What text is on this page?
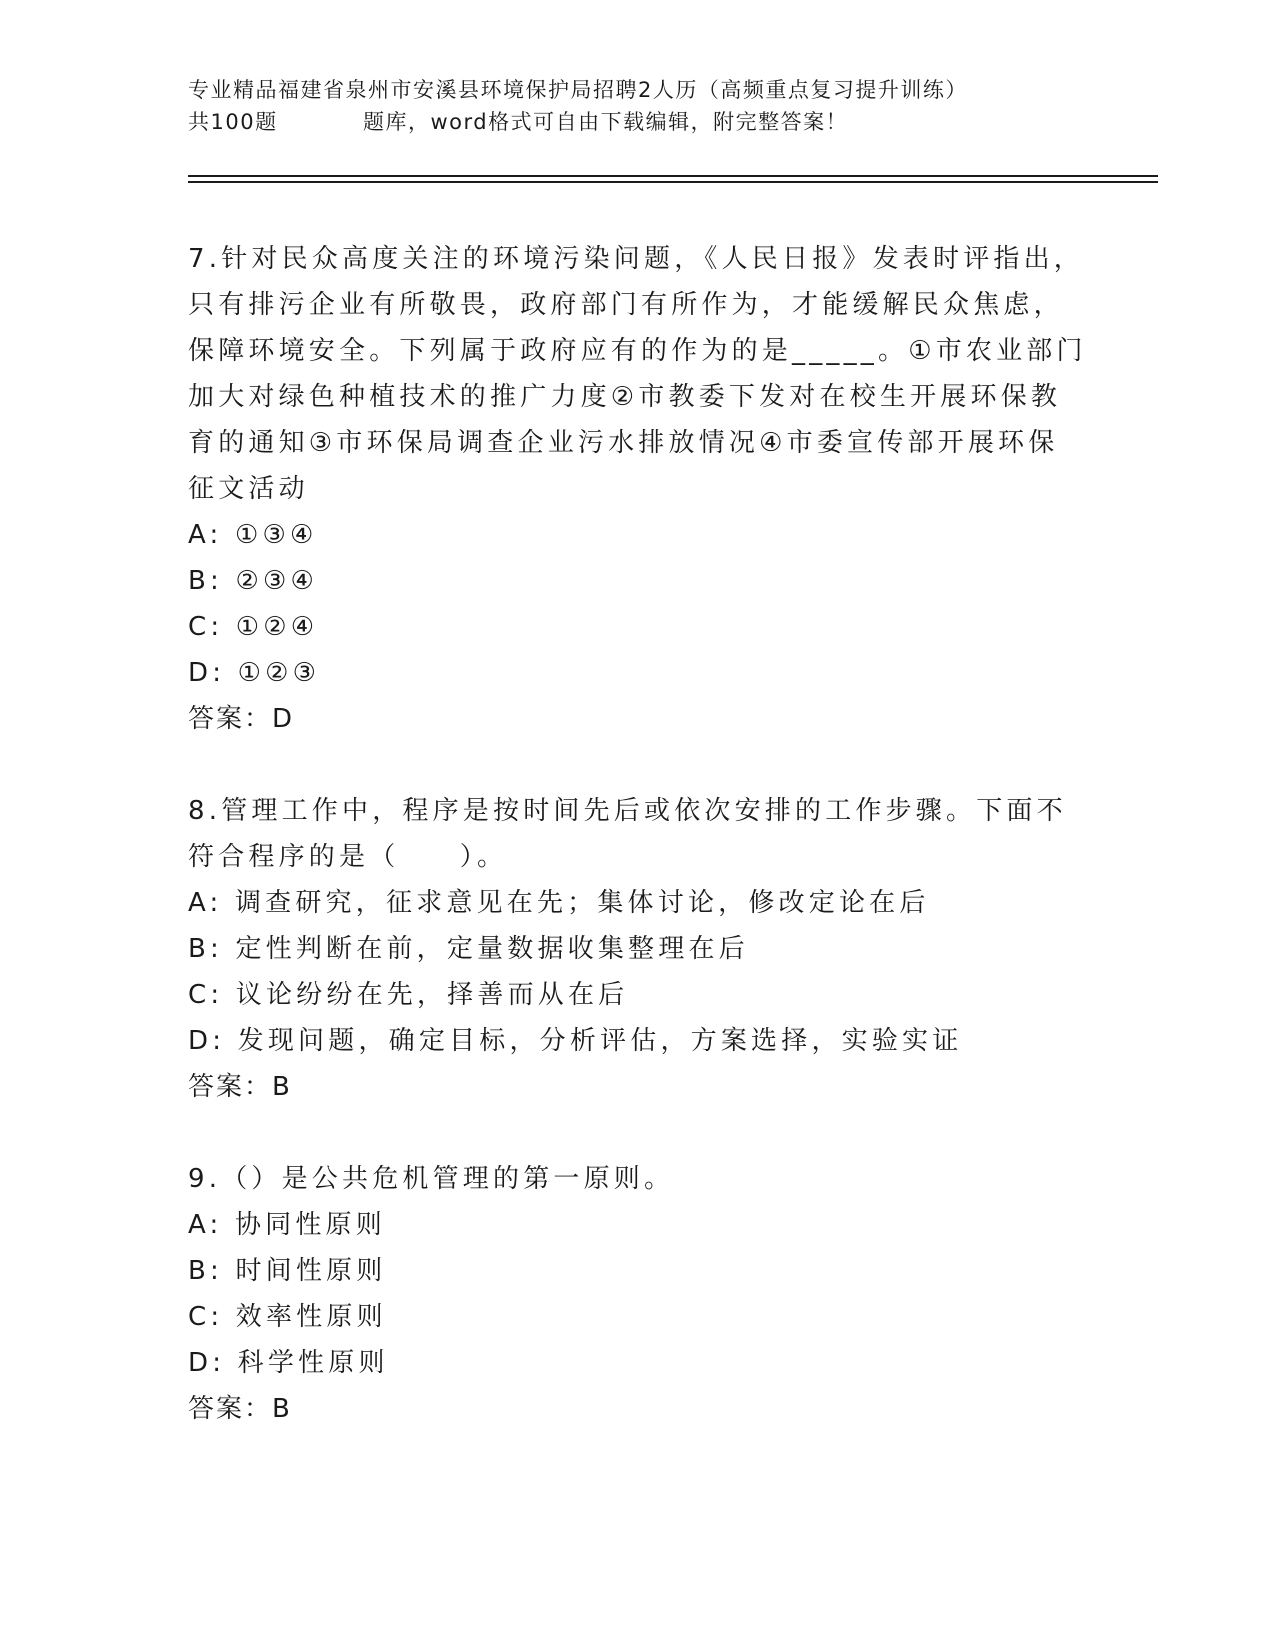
专业精品福建省泉州市安溪县环境保护局招聘2人历（高频重点复习提升训练）
共100题	题库，word格式可自由下载编辑，附完整答案！
7.针对民众高度关注的环境污染问题，《人民日报》发表时评指出，只有排污企业有所敬畏，政府部门有所作为，才能缓解民众焦虑，保障环境安全。下列属于政府应有的作为的是_____。①市农业部门加大对绿色种植技术的推广力度②市教委下发对在校生开展环保教育的通知③市环保局调查企业污水排放情况④市委宣传部开展环保征文活动
A: ①③④
B: ②③④
C: ①②④
D: ①②③
答案：D
8.管理工作中，程序是按时间先后或依次安排的工作步骤。下面不符合程序的是（　　）。
A: 调查研究，征求意见在先；集体讨论，修改定论在后
B: 定性判断在前，定量数据收集整理在后
C: 议论纷纷在先，择善而从在后
D: 发现问题，确定目标，分析评估，方案选择，实验实证
答案：B
9.（）是公共危机管理的第一原则。
A: 协同性原则
B: 时间性原则
C: 效率性原则
D: 科学性原则
答案：B
